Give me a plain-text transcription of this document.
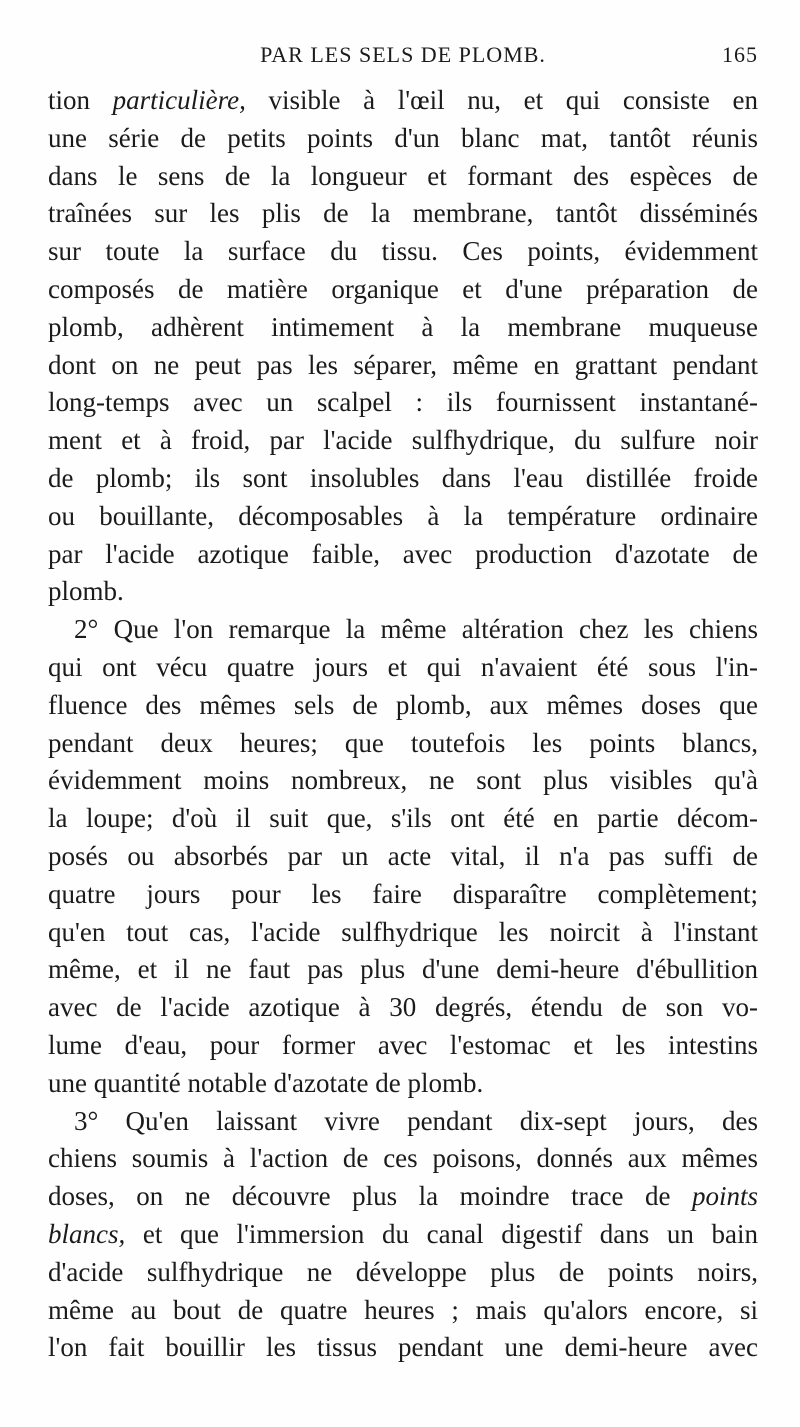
PAR LES SELS DE PLOMB.	165
tion particulière, visible à l'œil nu, et qui consiste en
une série de petits points d'un blanc mat, tantôt réunis
dans le sens de la longueur et formant des espèces de
traînées sur les plis de la membrane, tantôt disséminés
sur toute la surface du tissu. Ces points, évidemment
composés de matière organique et d'une préparation de
plomb, adhèrent intimement à la membrane muqueuse
dont on ne peut pas les séparer, même en grattant pendant
long-temps avec un scalpel : ils fournissent instantané-
ment et à froid, par l'acide sulfhydrique, du sulfure noir
de plomb; ils sont insolubles dans l'eau distillée froide
ou bouillante, décomposables à la température ordinaire
par l'acide azotique faible, avec production d'azotate de
plomb.
2° Que l'on remarque la même altération chez les chiens
qui ont vécu quatre jours et qui n'avaient été sous l'in-
fluence des mêmes sels de plomb, aux mêmes doses que
pendant deux heures; que toutefois les points blancs,
évidemment moins nombreux, ne sont plus visibles qu'à
la loupe; d'où il suit que, s'ils ont été en partie décom-
posés ou absorbés par un acte vital, il n'a pas suffi de
quatre jours pour les faire disparaître complètement;
qu'en tout cas, l'acide sulfhydrique les noircit à l'instant
même, et il ne faut pas plus d'une demi-heure d'ébullition
avec de l'acide azotique à 30 degrés, étendu de son vo-
lume d'eau, pour former avec l'estomac et les intestins
une quantité notable d'azotate de plomb.
3° Qu'en laissant vivre pendant dix-sept jours, des
chiens soumis à l'action de ces poisons, donnés aux mêmes
doses, on ne découvre plus la moindre trace de points
blancs, et que l'immersion du canal digestif dans un bain
d'acide sulfhydrique ne développe plus de points noirs,
même au bout de quatre heures ; mais qu'alors encore, si
l'on fait bouillir les tissus pendant une demi-heure avec
